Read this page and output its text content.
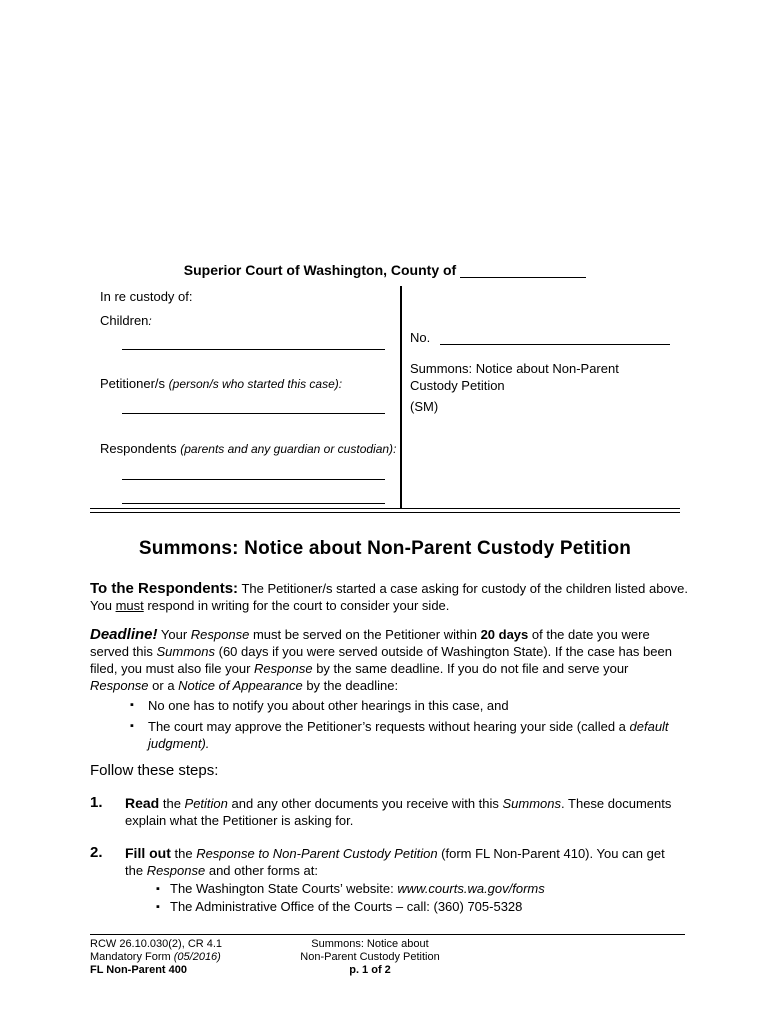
Superior Court of Washington, County of
In re custody of:
Children:
Petitioner/s (person/s who started this case):
Respondents (parents and any guardian or custodian):
No.
Summons: Notice about Non-Parent
Custody Petition
(SM)
Summons: Notice about Non-Parent Custody Petition
To the Respondents: The Petitioner/s started a case asking for custody of the children listed above. You must respond in writing for the court to consider your side.
Deadline! Your Response must be served on the Petitioner within 20 days of the date you were served this Summons (60 days if you were served outside of Washington State). If the case has been filed, you must also file your Response by the same deadline. If you do not file and serve your Response or a Notice of Appearance by the deadline:
▪ No one has to notify you about other hearings in this case, and
▪ The court may approve the Petitioner’s requests without hearing your side (called a default judgment).
Follow these steps:
1. Read the Petition and any other documents you receive with this Summons. These documents explain what the Petitioner is asking for.
2. Fill out the Response to Non-Parent Custody Petition (form FL Non-Parent 410). You can get the Response and other forms at:
▪ The Washington State Courts’ website: www.courts.wa.gov/forms
▪ The Administrative Office of the Courts – call: (360) 705-5328
RCW 26.10.030(2), CR 4.1
Mandatory Form (05/2016)
FL Non-Parent 400
Summons: Notice about
Non-Parent Custody Petition
p. 1 of 2
